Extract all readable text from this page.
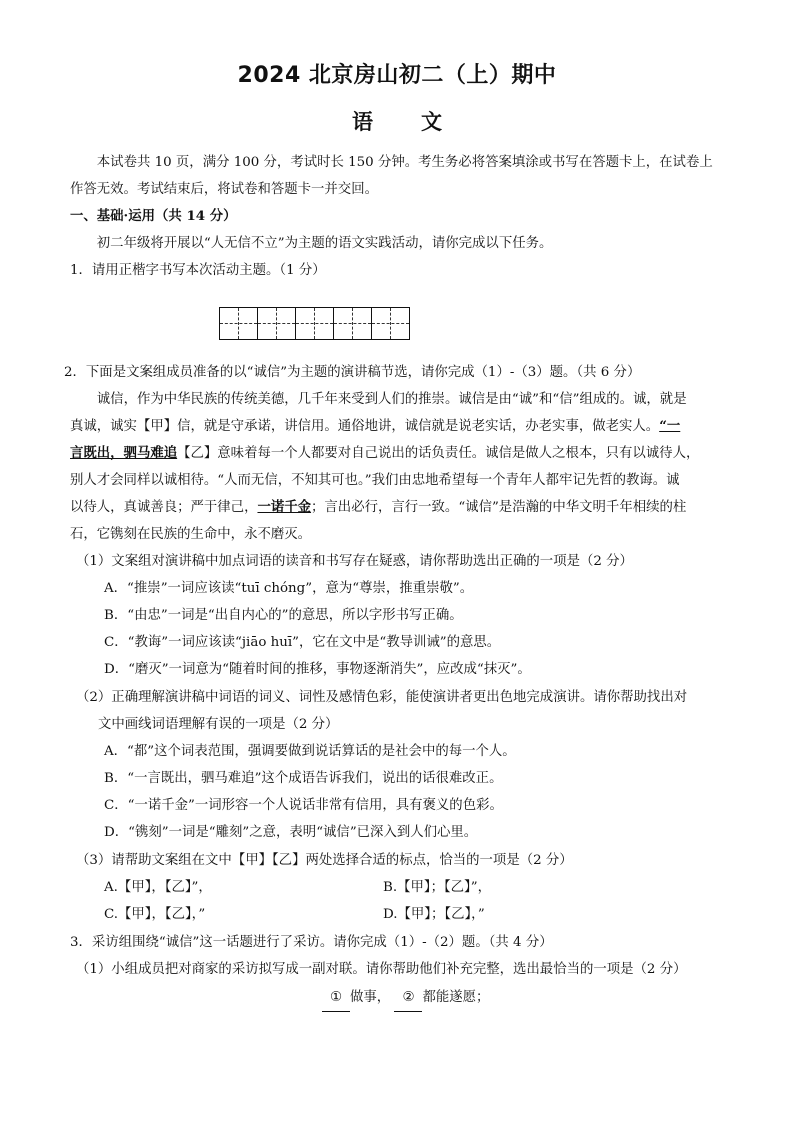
2024 北京房山初二（上）期中
语 文

本试卷共 10 页，满分 100 分，考试时长 150 分钟。考生务必将答案填涂或书写在答题卡上，在试卷上

作答无效。考试结束后，将试卷和答题卡一并交回。

一、基础·运用（共 14 分）

初二年级将开展以“人无信不立”为主题的语文实践活动，请你完成以下任务。

1．请用正楷字书写本次活动主题。（1 分）

2．下面是文案组成员准备的以“诚信”为主题的演讲稿节选，请你完成（1）-（3）题。（共 6 分）

诚信，作为中华民族的传统美德，几千年来受到人们的推崇。诚信是由“诚”和“信”组成的。诚，就是

真诚，诚实【甲】信，就是守承诺，讲信用。通俗地讲，诚信就是说老实话，办老实事，做老实人。“一

言既出，驷马难追【乙】意味着每一个人都要对自己说出的话负责任。诚信是做人之根本，只有以诚待人，

别人才会同样以诚相待。“人而无信，不知其可也。”我们由忠地希望每一个青年人都牢记先哲的教诲。诚

以待人，真诚善良；严于律己，一诺千金；言出必行，言行一致。“诚信”是浩瀚的中华文明千年相续的柱

石，它镌刻在民族的生命中，永不磨灭。

（1）文案组对演讲稿中加点词语的读音和书写存在疑惑，请你帮助选出正确的一项是（2 分）

A．“推崇”一词应该读“tuī chóng”，意为“尊崇，推重崇敬”。

B．“由忠”一词是“出自内心的”的意思，所以字形书写正确。

C．“教诲”一词应该读“jiāo huī”，它在文中是“教导训诫”的意思。

D．“磨灭”一词意为“随着时间的推移，事物逐渐消失”，应改成“抹灭”。

（2）正确理解演讲稿中词语的词义、词性及感情色彩，能使演讲者更出色地完成演讲。请你帮助找出对

文中画线词语理解有误的一项是（2 分）

A．“都”这个词表范围，强调要做到说话算话的是社会中的每一个人。

B．“一言既出，驷马难追”这个成语告诉我们，说出的话很难改正。

C．“一诺千金”一词形容一个人说话非常有信用，具有褒义的色彩。

D．“镌刻”一词是“雕刻”之意，表明“诚信”已深入到人们心里。

（3）请帮助文案组在文中【甲】【乙】两处选择合适的标点，恰当的一项是（2 分）

A.【甲】，【乙】”，	B.【甲】；【乙】”，
C.【甲】，【乙】，”	D.【甲】；【乙】，”

3．采访组围绕“诚信”这一话题进行了采访。请你完成（1）-（2）题。（共 4 分）

（1）小组成员把对商家的采访拟写成一副对联。请你帮助他们补充完整，选出最恰当的一项是（2 分）

① 做事， ② 都能遂愿；
